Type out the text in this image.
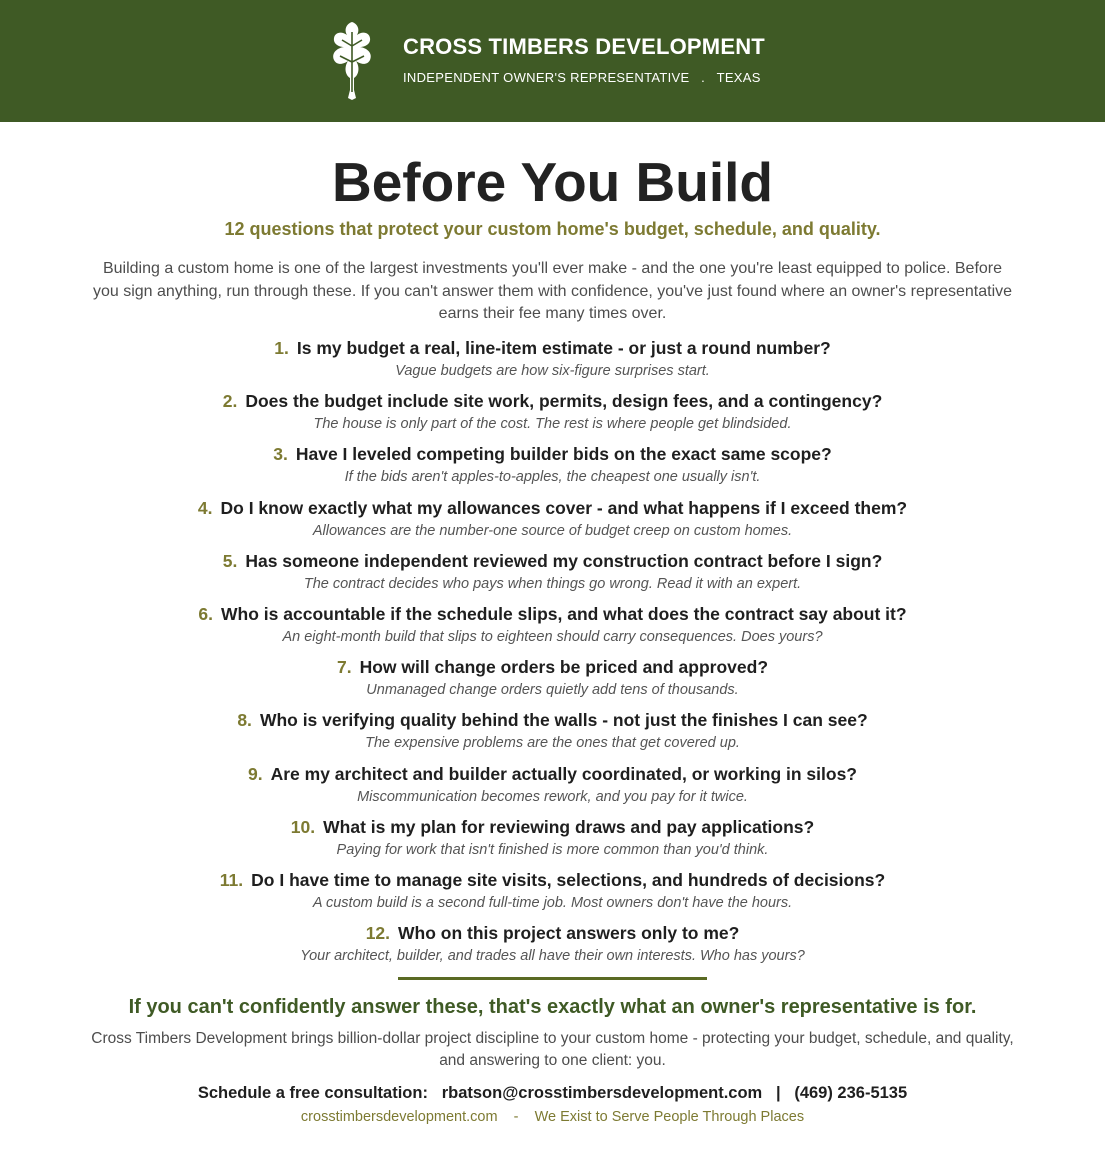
CROSS TIMBERS DEVELOPMENT
INDEPENDENT OWNER'S REPRESENTATIVE   .   TEXAS
Before You Build
12 questions that protect your custom home's budget, schedule, and quality.
Building a custom home is one of the largest investments you'll ever make - and the one you're least equipped to police. Before you sign anything, run through these. If you can't answer them with confidence, you've just found where an owner's representative earns their fee many times over.
1. Is my budget a real, line-item estimate - or just a round number?
Vague budgets are how six-figure surprises start.
2. Does the budget include site work, permits, design fees, and a contingency?
The house is only part of the cost. The rest is where people get blindsided.
3. Have I leveled competing builder bids on the exact same scope?
If the bids aren't apples-to-apples, the cheapest one usually isn't.
4. Do I know exactly what my allowances cover - and what happens if I exceed them?
Allowances are the number-one source of budget creep on custom homes.
5. Has someone independent reviewed my construction contract before I sign?
The contract decides who pays when things go wrong. Read it with an expert.
6. Who is accountable if the schedule slips, and what does the contract say about it?
An eight-month build that slips to eighteen should carry consequences. Does yours?
7. How will change orders be priced and approved?
Unmanaged change orders quietly add tens of thousands.
8. Who is verifying quality behind the walls - not just the finishes I can see?
The expensive problems are the ones that get covered up.
9. Are my architect and builder actually coordinated, or working in silos?
Miscommunication becomes rework, and you pay for it twice.
10. What is my plan for reviewing draws and pay applications?
Paying for work that isn't finished is more common than you'd think.
11. Do I have time to manage site visits, selections, and hundreds of decisions?
A custom build is a second full-time job. Most owners don't have the hours.
12. Who on this project answers only to me?
Your architect, builder, and trades all have their own interests. Who has yours?
If you can't confidently answer these, that's exactly what an owner's representative is for.
Cross Timbers Development brings billion-dollar project discipline to your custom home - protecting your budget, schedule, and quality, and answering to one client: you.
Schedule a free consultation:   rbatson@crosstimbersdevelopment.com   |   (469) 236-5135
crosstimbersdevelopment.com    -    We Exist to Serve People Through Places
